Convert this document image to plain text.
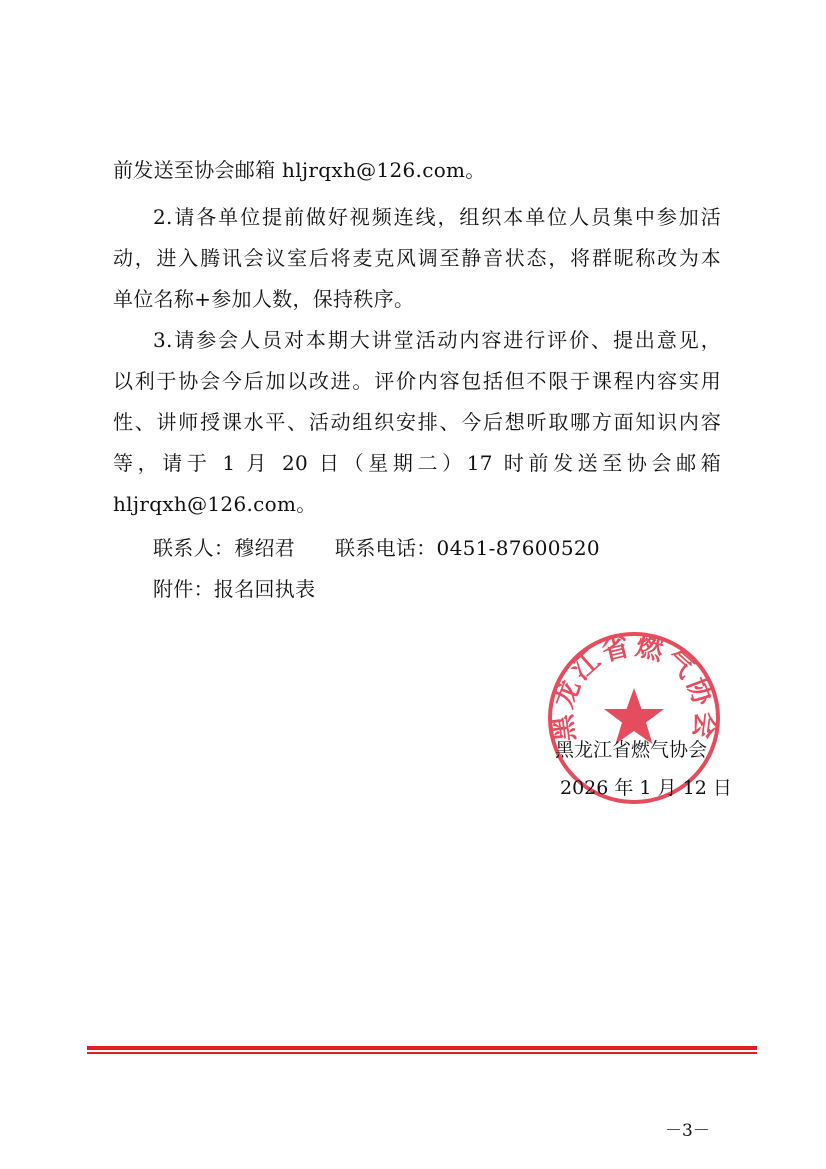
前发送至协会邮箱 hljrqxh@126.com。
2.请各单位提前做好视频连线，组织本单位人员集中参加活
动，进入腾讯会议室后将麦克风调至静音状态，将群昵称改为本
单位名称+参加人数，保持秩序。
3.请参会人员对本期大讲堂活动内容进行评价、提出意见，
以利于协会今后加以改进。评价内容包括但不限于课程内容实用
性、讲师授课水平、活动组织安排、今后想听取哪方面知识内容
等，请于 1 月 20 日（星期二）17 时前发送至协会邮箱
hljrqxh@126.com。
联系人：穆绍君      联系电话：0451-87600520
附件：报名回执表
黑龙江省燃气协会
黑龙江省燃气协会
2026 年 1 月 12 日
－3－
